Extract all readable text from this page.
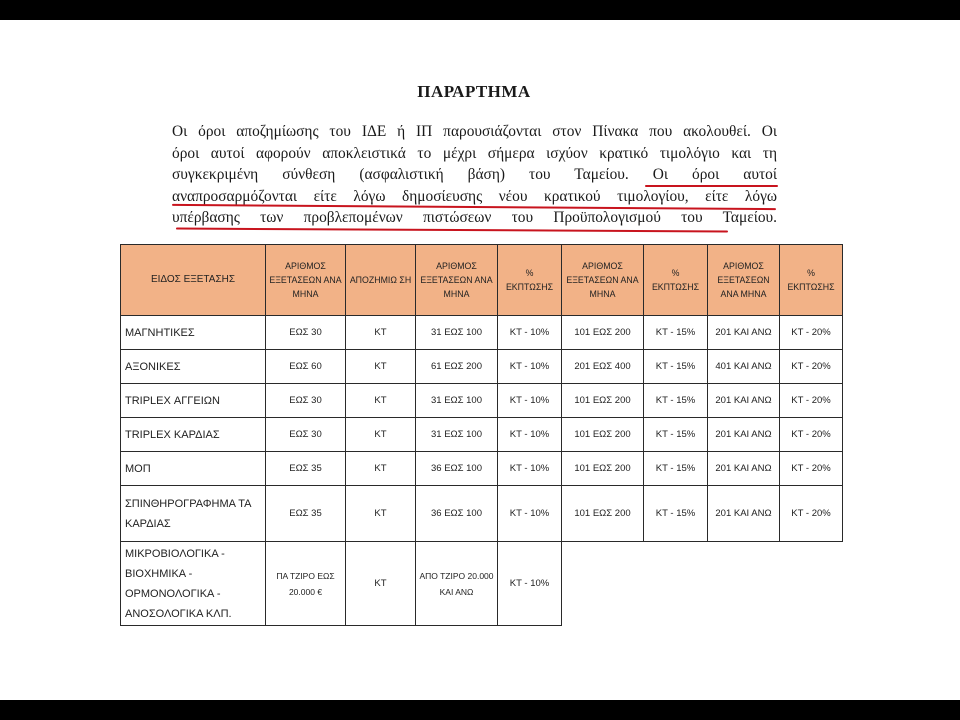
ΠΑΡΑΡΤΗΜΑ

Οι όροι αποζημίωσης του ΙΔΕ ή ΙΠ παρουσιάζονται στον Πίνακα που ακολουθεί. Οι

όροι αυτοί αφορούν αποκλειστικά το μέχρι σήμερα ισχύον κρατικό τιμολόγιο και τη

συγκεκριμένη σύνθεση (ασφαλιστική βάση) του Ταμείου. Οι όροι αυτοί

αναπροσαρμόζονται είτε λόγω δημοσίευσης νέου κρατικού τιμολογίου, είτε λόγω

υπέρβασης των προβλεπομένων πιστώσεων του Προϋπολογισμού του Ταμείου.

ΕΙΔΟΣ ΕΞΕΤΑΣΗΣ	ΑΡΙΘΜΟΣ ΕΞΕΤΑΣΕΩΝ ΑΝΑ ΜΗΝΑ	ΑΠΟΖΗΜΙΩ ΣΗ	ΑΡΙΘΜΟΣ ΕΞΕΤΑΣΕΩΝ ΑΝΑ ΜΗΝΑ	% ΕΚΠΤΩΣΗΣ	ΑΡΙΘΜΟΣ ΕΞΕΤΑΣΕΩΝ ΑΝΑ ΜΗΝΑ	% ΕΚΠΤΩΣΗΣ	ΑΡΙΘΜΟΣ ΕΞΕΤΑΣΕΩΝ ΑΝΑ ΜΗΝΑ	% ΕΚΠΤΩΣΗΣ
ΜΑΓΝΗΤΙΚΕΣ	ΕΩΣ 30	ΚΤ	31 ΕΩΣ 100	ΚΤ - 10%	101 ΕΩΣ 200	ΚΤ - 15%	201 ΚΑΙ ΑΝΩ	ΚΤ - 20%
ΑΞΟΝΙΚΕΣ	ΕΩΣ 60	ΚΤ	61 ΕΩΣ 200	ΚΤ - 10%	201 ΕΩΣ 400	ΚΤ - 15%	401 ΚΑΙ ΑΝΩ	ΚΤ - 20%
TRIPLEX ΑΓΓΕΙΩΝ	ΕΩΣ 30	ΚΤ	31 ΕΩΣ 100	ΚΤ - 10%	101 ΕΩΣ 200	ΚΤ - 15%	201 ΚΑΙ ΑΝΩ	ΚΤ - 20%
TRIPLEX ΚΑΡΔΙΑΣ	ΕΩΣ 30	ΚΤ	31 ΕΩΣ 100	ΚΤ - 10%	101 ΕΩΣ 200	ΚΤ - 15%	201 ΚΑΙ ΑΝΩ	ΚΤ - 20%
ΜΟΠ	ΕΩΣ 35	ΚΤ	36 ΕΩΣ 100	ΚΤ - 10%	101 ΕΩΣ 200	ΚΤ - 15%	201 ΚΑΙ ΑΝΩ	ΚΤ - 20%
ΣΠΙΝΘΗΡΟΓΡΑΦΗΜΑ ΤΑ ΚΑΡΔΙΑΣ	ΕΩΣ 35	ΚΤ	36 ΕΩΣ 100	ΚΤ - 10%	101 ΕΩΣ 200	ΚΤ - 15%	201 ΚΑΙ ΑΝΩ	ΚΤ - 20%
ΜΙΚΡΟΒΙΟΛΟΓΙΚΑ - ΒΙΟΧΗΜΙΚΑ - ΟΡΜΟΝΟΛΟΓΙΚΑ - ΑΝΟΣΟΛΟΓΙΚΑ ΚΛΠ.	ΠΑ ΤΖΙΡΟ ΕΩΣ 20.000 €	ΚΤ	ΑΠΟ ΤΖΙΡΟ 20.000 ΚΑΙ ΑΝΩ	ΚΤ - 10%				
